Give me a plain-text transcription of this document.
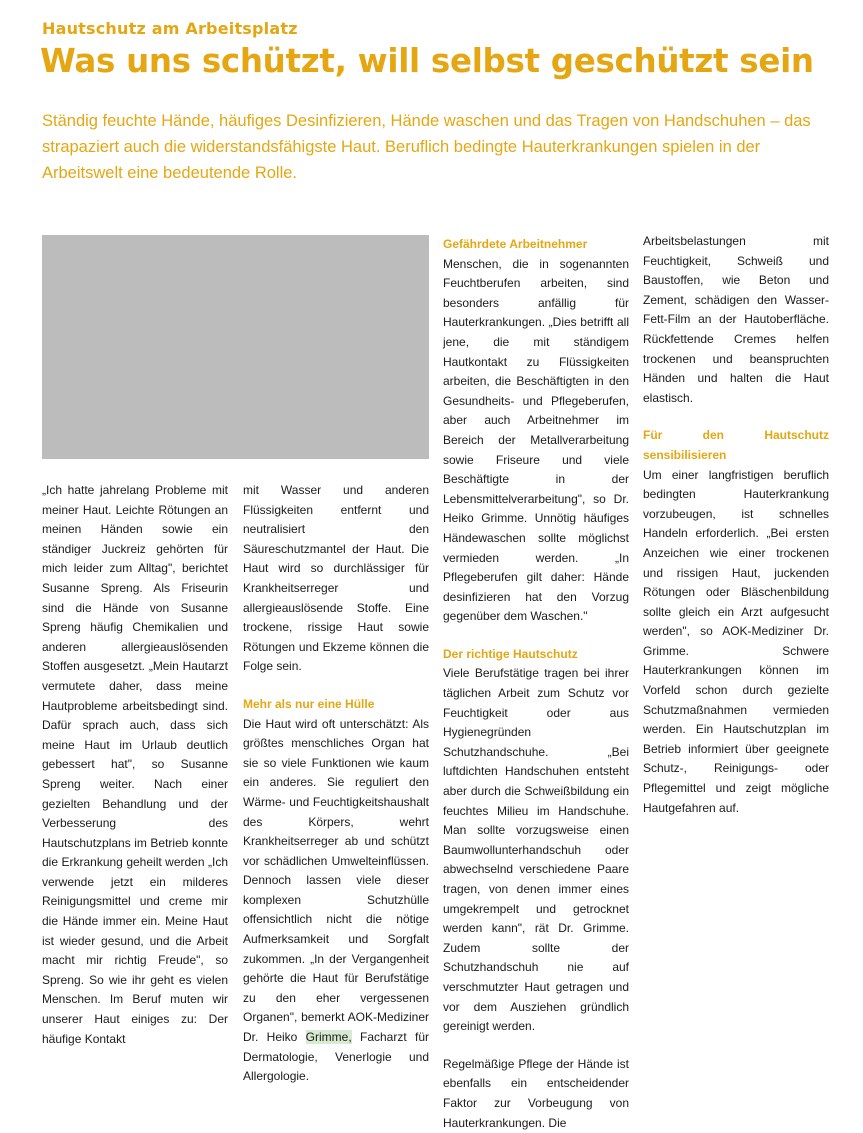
Hautschutz am Arbeitsplatz
Was uns schützt, will selbst geschützt sein

Ständig feuchte Hände, häufiges Desinfizieren, Hände waschen und das Tragen von Handschuhen – das strapaziert auch die widerstandsfähigste Haut. Beruflich bedingte Hauterkrankungen spielen in der Arbeitswelt eine bedeutende Rolle.

„Ich hatte jahrelang Probleme mit meiner Haut. Leichte Rötungen an meinen Händen sowie ein ständiger Juckreiz gehörten für mich leider zum Alltag", berichtet Susanne Spreng. Als Friseurin sind die Hände von Susanne Spreng häufig Chemikalien und anderen allergieauslösenden Stoffen ausgesetzt. „Mein Hautarzt vermutete daher, dass meine Hautprobleme arbeitsbedingt sind. Dafür sprach auch, dass sich meine Haut im Urlaub deutlich gebessert hat", so Susanne Spreng weiter. Nach einer gezielten Behandlung und der Verbesserung des Hautschutzplans im Betrieb konnte die Erkrankung geheilt werden „Ich verwende jetzt ein milderes Reinigungsmittel und creme mir die Hände immer ein. Meine Haut ist wieder gesund, und die Arbeit macht mir richtig Freude", so Spreng. So wie ihr geht es vielen Menschen. Im Beruf muten wir unserer Haut einiges zu: Der häufige Kontakt

mit Wasser und anderen Flüssigkeiten entfernt und neutralisiert den Säureschutzmantel der Haut. Die Haut wird so durchlässiger für Krankheitserreger und allergieauslösende Stoffe. Eine trockene, rissige Haut sowie Rötungen und Ekzeme können die Folge sein.

Mehr als nur eine Hülle

Die Haut wird oft unterschätzt: Als größtes menschliches Organ hat sie so viele Funktionen wie kaum ein anderes. Sie reguliert den Wärme- und Feuchtigkeitshaushalt des Körpers, wehrt Krankheitserreger ab und schützt vor schädlichen Umwelteinflüssen. Dennoch lassen viele dieser komplexen Schutzhülle offensichtlich nicht die nötige Aufmerksamkeit und Sorgfalt zukommen. „In der Vergangenheit gehörte die Haut für Berufstätige zu den eher vergessenen Organen", bemerkt AOK-Mediziner Dr. Heiko Grimme, Facharzt für Dermatologie, Venerlogie und Allergologie.

Gefährdete Arbeitnehmer

Menschen, die in sogenannten Feuchtberufen arbeiten, sind besonders anfällig für Hauterkrankungen. „Dies betrifft all jene, die mit ständigem Hautkontakt zu Flüssigkeiten arbeiten, die Beschäftigten in den Gesundheits- und Pflegeberufen, aber auch Arbeitnehmer im Bereich der Metallverarbeitung sowie Friseure und viele Beschäftigte in der Lebensmittelverarbeitung", so Dr. Heiko Grimme. Unnötig häufiges Händewaschen sollte möglichst vermieden werden. „In Pflegeberufen gilt daher: Hände desinfizieren hat den Vorzug gegenüber dem Waschen."

Der richtige Hautschutz

Viele Berufstätige tragen bei ihrer täglichen Arbeit zum Schutz vor Feuchtigkeit oder aus Hygienegründen Schutzhandschuhe. „Bei luftdichten Handschuhen entsteht aber durch die Schweißbildung ein feuchtes Milieu im Handschuhe. Man sollte vorzugsweise einen Baumwollunterhandschuh oder abwechselnd verschiedene Paare tragen, von denen immer eines umgekrempelt und getrocknet werden kann", rät Dr. Grimme. Zudem sollte der Schutzhandschuh nie auf verschmutzter Haut getragen und vor dem Ausziehen gründlich gereinigt werden.

Regelmäßige Pflege der Hände ist ebenfalls ein entscheidender Faktor zur Vorbeugung von Hauterkrankungen. Die

Arbeitsbelastungen mit Feuchtigkeit, Schweiß und Baustoffen, wie Beton und Zement, schädigen den Wasser-Fett-Film an der Hautoberfläche. Rückfettende Cremes helfen trockenen und beanspruchten Händen und halten die Haut elastisch.

Für den Hautschutz sensibilisieren

Um einer langfristigen beruflich bedingten Hauterkrankung vorzubeugen, ist schnelles Handeln erforderlich. „Bei ersten Anzeichen wie einer trockenen und rissigen Haut, juckenden Rötungen oder Bläschenbildung sollte gleich ein Arzt aufgesucht werden", so AOK-Mediziner Dr. Grimme. Schwere Hauterkrankungen können im Vorfeld schon durch gezielte Schutzmaßnahmen vermieden werden. Ein Hautschutzplan im Betrieb informiert über geeignete Schutz-, Reinigungs- oder Pflegemittel und zeigt mögliche Hautgefahren auf.
